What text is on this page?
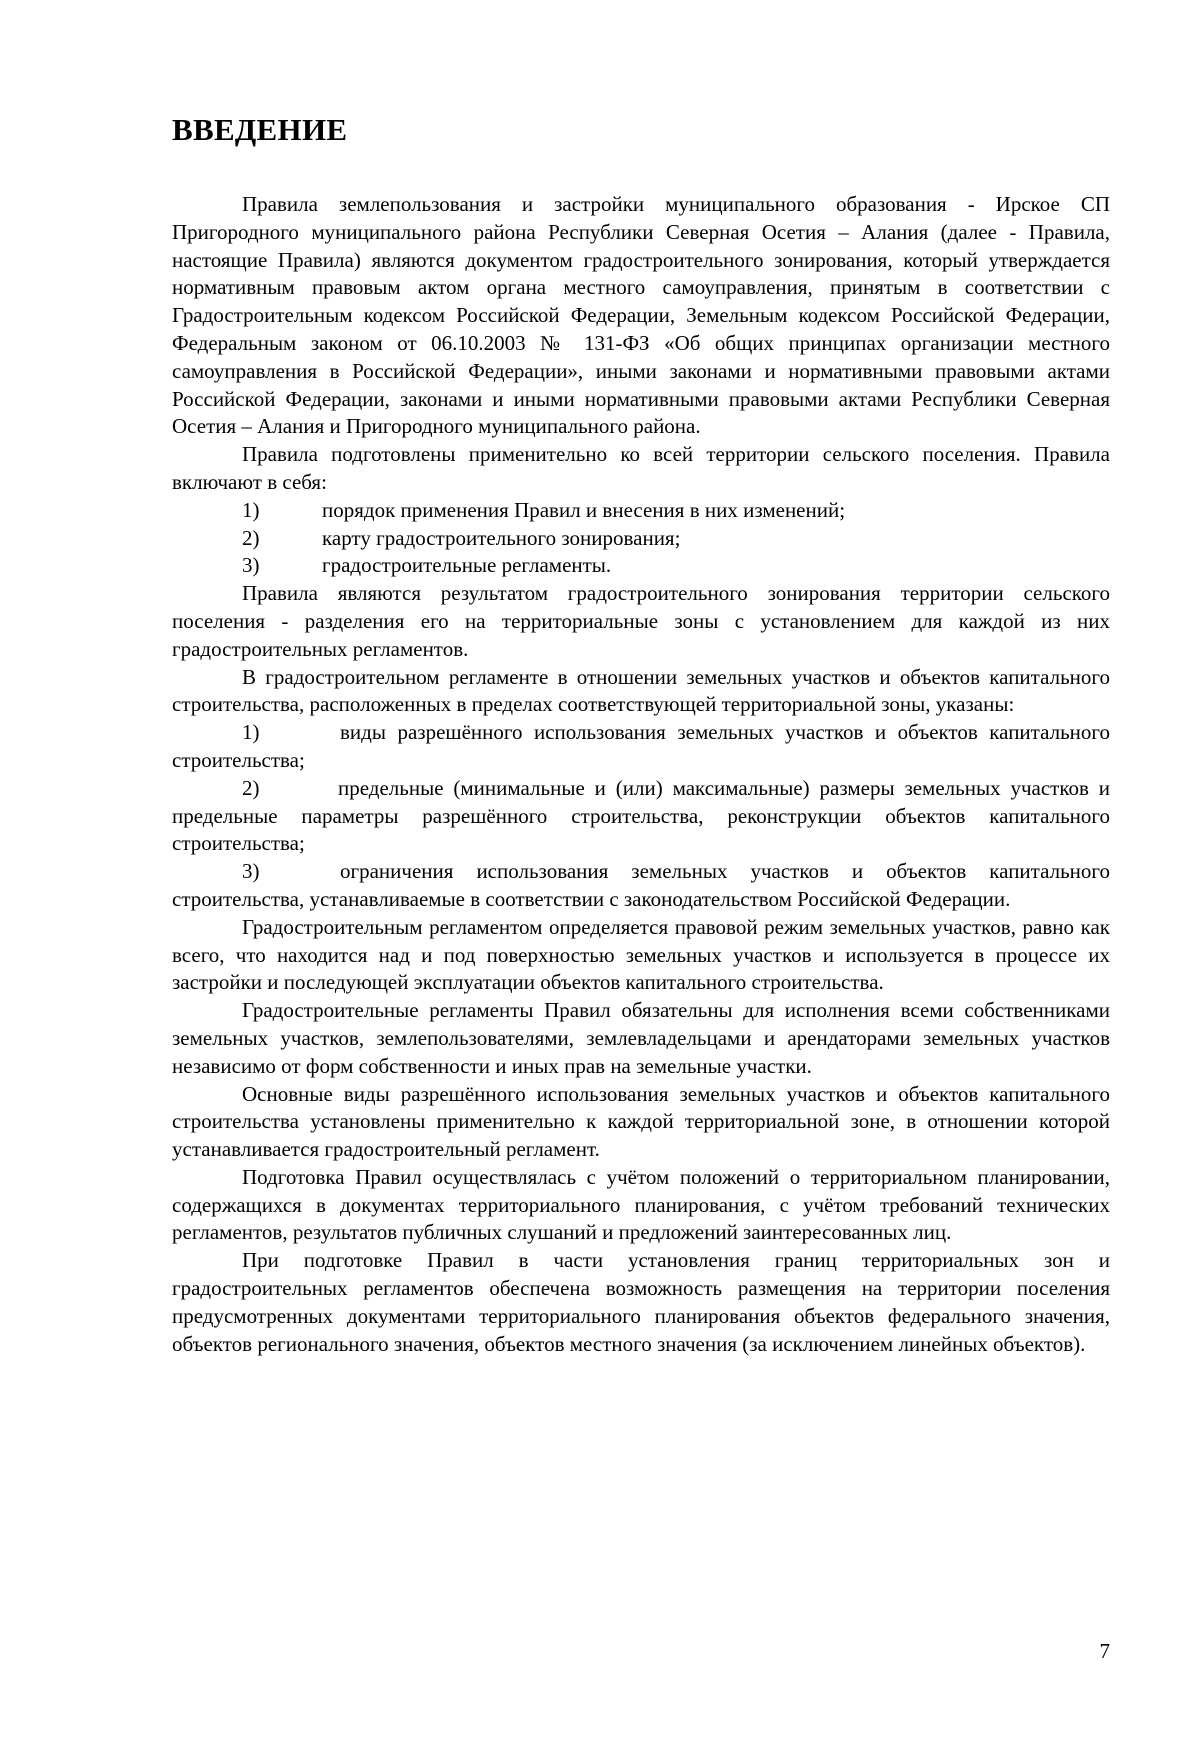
ВВЕДЕНИЕ

Правила землепользования и застройки муниципального образования - Ирское СП Пригородного муниципального района Республики Северная Осетия – Алания (далее - Правила, настоящие Правила) являются документом градостроительного зонирования, который утверждается нормативным правовым актом органа местного самоуправления, принятым в соответствии с Градостроительным кодексом Российской Федерации, Земельным кодексом Российской Федерации, Федеральным законом от 06.10.2003 № 131-ФЗ «Об общих принципах организации местного самоуправления в Российской Федерации», иными законами и нормативными правовыми актами Российской Федерации, законами и иными нормативными правовыми актами Республики Северная Осетия – Алания и Пригородного муниципального района.

Правила подготовлены применительно ко всей территории сельского поселения. Правила включают в себя:

1)	порядок применения Правил и внесения в них изменений;

2)	карту градостроительного зонирования;

3)	градостроительные регламенты.

Правила являются результатом градостроительного зонирования территории сельского поселения - разделения его на территориальные зоны с установлением для каждой из них градостроительных регламентов.

В градостроительном регламенте в отношении земельных участков и объектов капитального строительства, расположенных в пределах соответствующей территориальной зоны, указаны:

1)	виды разрешённого использования земельных участков и объектов капитального строительства;

2)	предельные (минимальные и (или) максимальные) размеры земельных участков и предельные параметры разрешённого строительства, реконструкции объектов капитального строительства;

3)	ограничения использования земельных участков и объектов капитального строительства, устанавливаемые в соответствии с законодательством Российской Федерации.

Градостроительным регламентом определяется правовой режим земельных участков, равно как всего, что находится над и под поверхностью земельных участков и используется в процессе их застройки и последующей эксплуатации объектов капитального строительства.

Градостроительные регламенты Правил обязательны для исполнения всеми собственниками земельных участков, землепользователями, землевладельцами и арендаторами земельных участков независимо от форм собственности и иных прав на земельные участки.

Основные виды разрешённого использования земельных участков и объектов капитального строительства установлены применительно к каждой территориальной зоне, в отношении которой устанавливается градостроительный регламент.

Подготовка Правил осуществлялась с учётом положений о территориальном планировании, содержащихся в документах территориального планирования, с учётом требований технических регламентов, результатов публичных слушаний и предложений заинтересованных лиц.

При подготовке Правил в части установления границ территориальных зон и градостроительных регламентов обеспечена возможность размещения на территории поселения предусмотренных документами территориального планирования объектов федерального значения, объектов регионального значения, объектов местного значения (за исключением линейных объектов).

7
